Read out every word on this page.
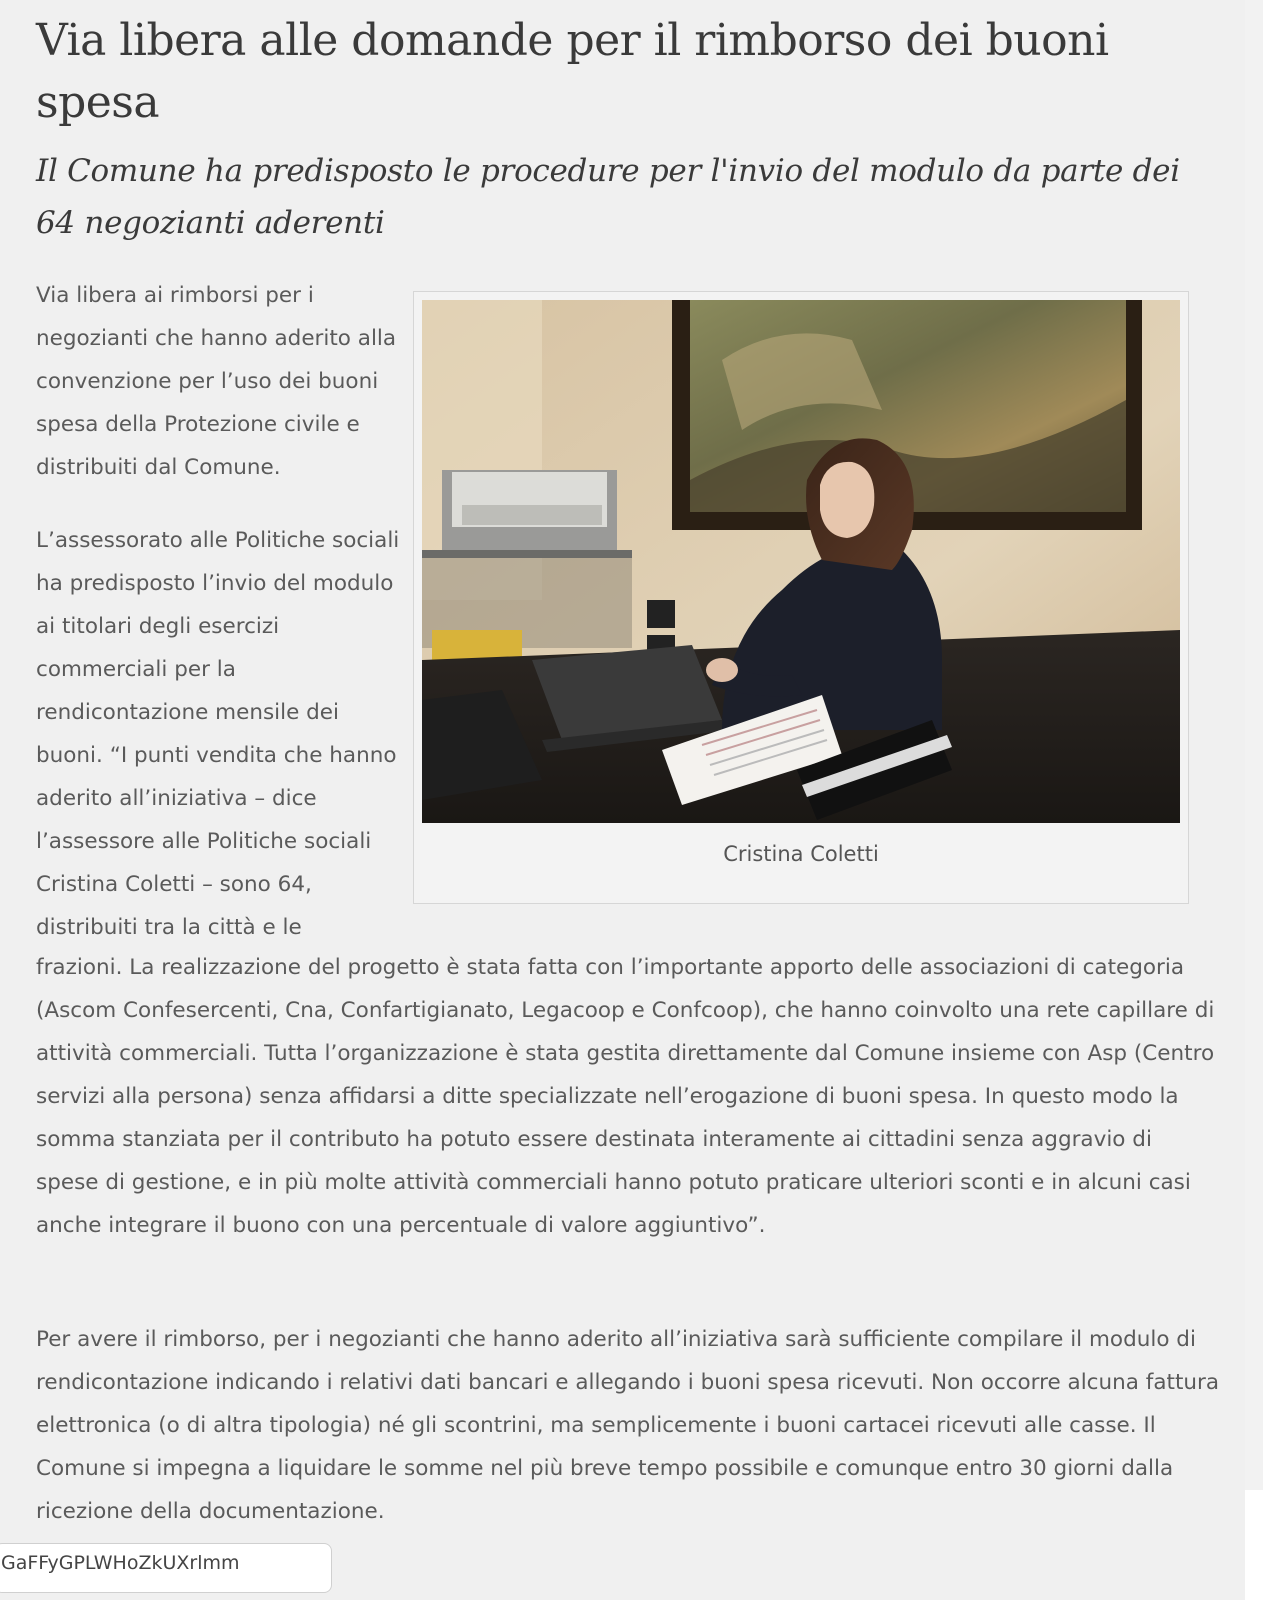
Via libera alle domande per il rimborso dei buoni spesa
Il Comune ha predisposto le procedure per l'invio del modulo da parte dei 64 negozianti aderenti

Via libera ai rimborsi per i negozianti che hanno aderito alla convenzione per l’uso dei buoni spesa della Protezione civile e distribuiti dal Comune.

L’assessorato alle Politiche sociali ha predisposto l’invio del modulo ai titolari degli esercizi commerciali per la rendicontazione mensile dei buoni. “I punti vendita che hanno aderito all’iniziativa – dice l’assessore alle Politiche sociali Cristina Coletti – sono 64, distribuiti tra la città e le

Cristina Coletti

frazioni. La realizzazione del progetto è stata fatta con l’importante apporto delle associazioni di categoria (Ascom Confesercenti, Cna, Confartigianato, Legacoop e Confcoop), che hanno coinvolto una rete capillare di attività commerciali. Tutta l’organizzazione è stata gestita direttamente dal Comune insieme con Asp (Centro servizi alla persona) senza affidarsi a ditte specializzate nell’erogazione di buoni spesa. In questo modo la somma stanziata per il contributo ha potuto essere destinata interamente ai cittadini senza aggravio di spese di gestione, e in più molte attività commerciali hanno potuto praticare ulteriori sconti e in alcuni casi anche integrare il buono con una percentuale di valore aggiuntivo”.

Per avere il rimborso, per i negozianti che hanno aderito all’iniziativa sarà sufficiente compilare il modulo di rendicontazione indicando i relativi dati bancari e allegando i buoni spesa ricevuti. Non occorre alcuna fattura elettronica (o di altra tipologia) né gli scontrini, ma semplicemente i buoni cartacei ricevuti alle casse. Il Comune si impegna a liquidare le somme nel più breve tempo possibile e comunque entro 30 giorni dalla ricezione della documentazione.

GaFFyGPLWHoZkUXrlmm
